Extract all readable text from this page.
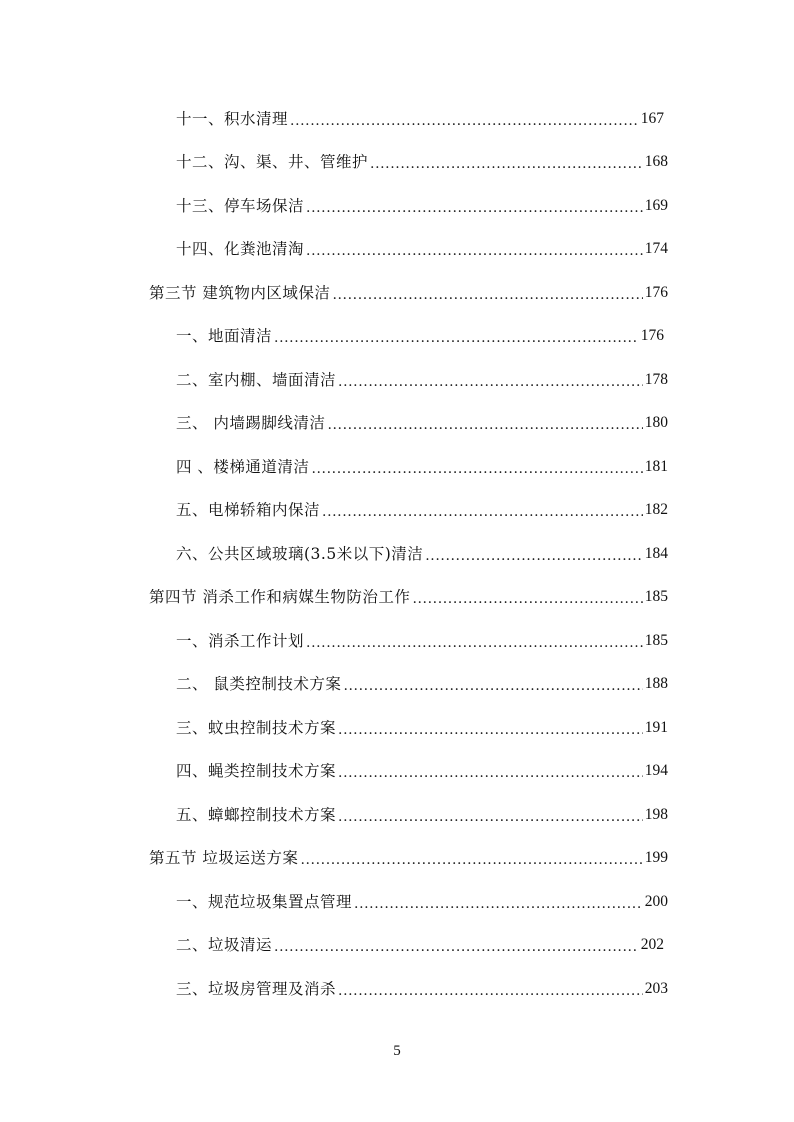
十一、积水清理 .....	167
十二、沟、渠、井、管维护 .....	168
十三、停车场保洁 .....	169
十四、化粪池清淘 .....	174
第三节 建筑物内区域保洁 .....	176
一、地面清洁 .....	176
二、室内棚、墙面清洁 .....	178
三、 内墙踢脚线清洁 .....	180
四 、楼梯通道清洁 .....	181
五、电梯轿箱内保洁 .....	182
六、公共区域玻璃(3.5米以下)清洁 .....	184
第四节 消杀工作和病媒生物防治工作 .....	185
一、消杀工作计划 .....	185
二、 鼠类控制技术方案 .....	188
三、蚊虫控制技术方案 .....	191
四、蝇类控制技术方案 .....	194
五、蟑螂控制技术方案 .....	198
第五节 垃圾运送方案 .....	199
一、规范垃圾集置点管理 .....	200
二、垃圾清运 .....	202
三、垃圾房管理及消杀 .....	203
5
